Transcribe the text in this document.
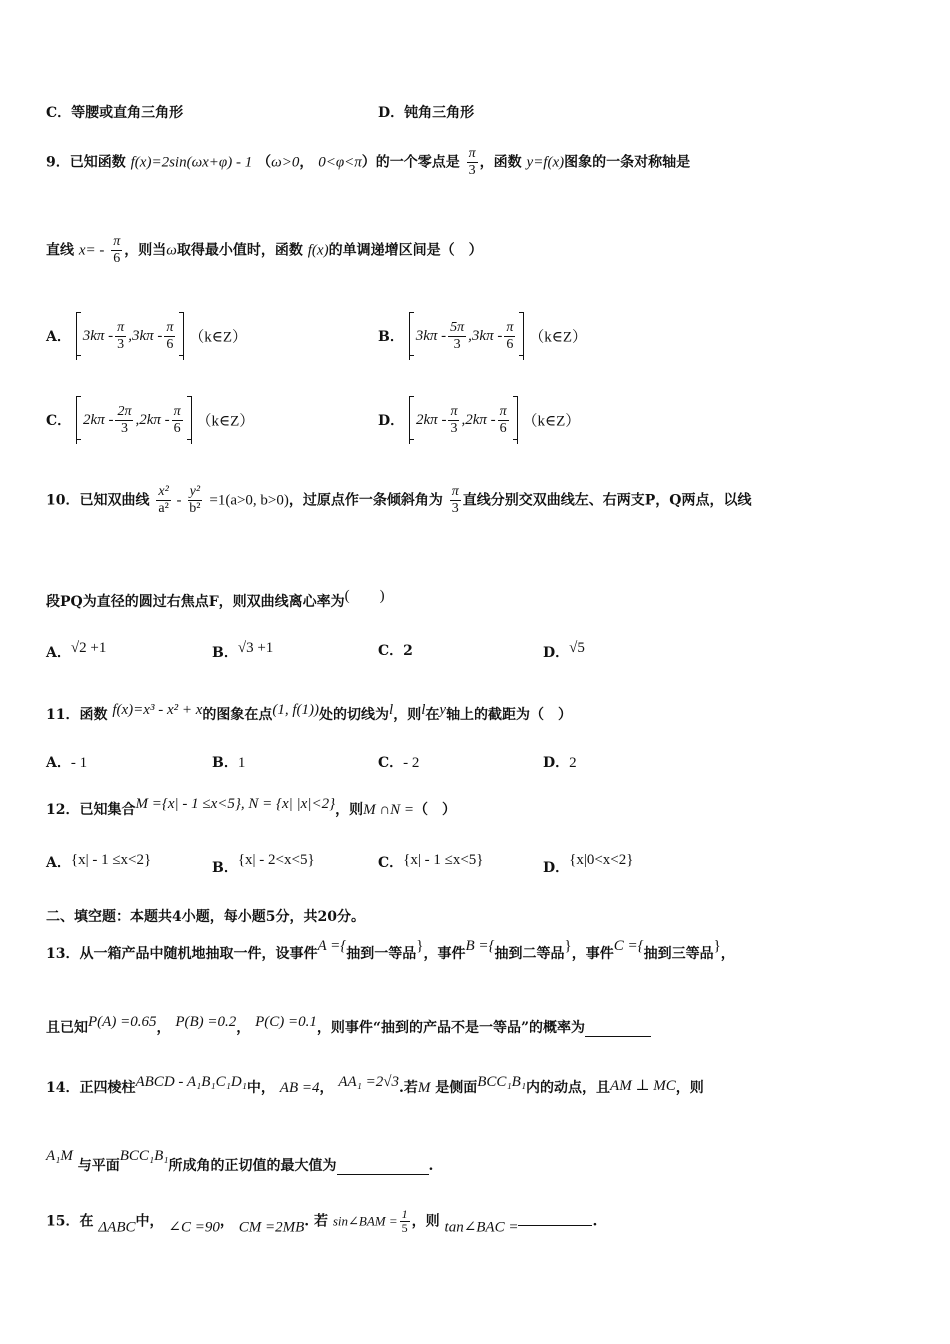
C．等腰或直角三角形	D．钝角三角形
9．已知函数 f(x)=2sin(ωx+φ) - 1 （ω>0， 0<φ<π）的一个零点是 $\frac{\pi}{3}$ ，函数 y=f(x)图象的一条对称轴是
直线 $x= - \frac{\pi}{6}$ ，则当ω取得最小值时，函数 f(x)的单调递增区间是（　）
A． $3k\pi - \frac{\pi}{3} ,3k\pi - \frac{\pi}{6}$ （k∈Z）	B． $3k\pi - \frac{5\pi}{3} ,3k\pi - \frac{\pi}{6}$ （k∈Z）
C． $2k\pi - \frac{2\pi}{3} ,2k\pi - \frac{\pi}{6}$ （k∈Z）	D． $2k\pi - \frac{\pi}{3} ,2k\pi - \frac{\pi}{6}$ （k∈Z）
10．已知双曲线 $\frac{\text{x²}}{\text{a²}} - \frac{\text{y²}}{\text{b²}} =1(a>0$, b>0)，过原点作一条倾斜角为 $\frac{\pi}{3}$ 直线分别交双曲线左、右两支P，Q两点，以线
段PQ为直径的圆过右焦点F，则双曲线离心率为(　　)
A．√2 +1	B．√3 +1	C．2	D．√5
11．函数 f(x)=x³ - x² + x的图象在点(1, f(1))处的切线为l，则l在y轴上的截距为（　）
A．- 1	B．1	C．- 2	D．2
12．已知集合M ={x| - 1 ≤x<5}, N = {x| |x|<2}，则M ∩N =（　）
A．{x| - 1 ≤x<2}	B．{x| - 2<x<5}	C．{x| - 1 ≤x<5}	D．{x|0<x<2}
二、填空题：本题共4小题，每小题5分，共20分。
13．从一箱产品中随机地抽取一件，设事件A ={抽到一等品}，事件B ={抽到二等品}，事件C ={抽到三等品}，
且已知P(A) =0.65， P(B) =0.2， P(C) =0.1，则事件“抽到的产品不是一等品”的概率为
14．正四棱柱ABCD - A₁B₁C₁D₁中， AB =4， AA₁ =2√3.若M 是侧面BCC₁B₁内的动点，且AM ⊥ MC，则
A₁M 与平面BCC₁B₁所成角的正切值的最大值为	.
15．在 ΔABC中， ∠C =90， CM =2MB. 若 sin∠BAM = $\frac{1}{5}$ ，则 tan∠BAC =	.
